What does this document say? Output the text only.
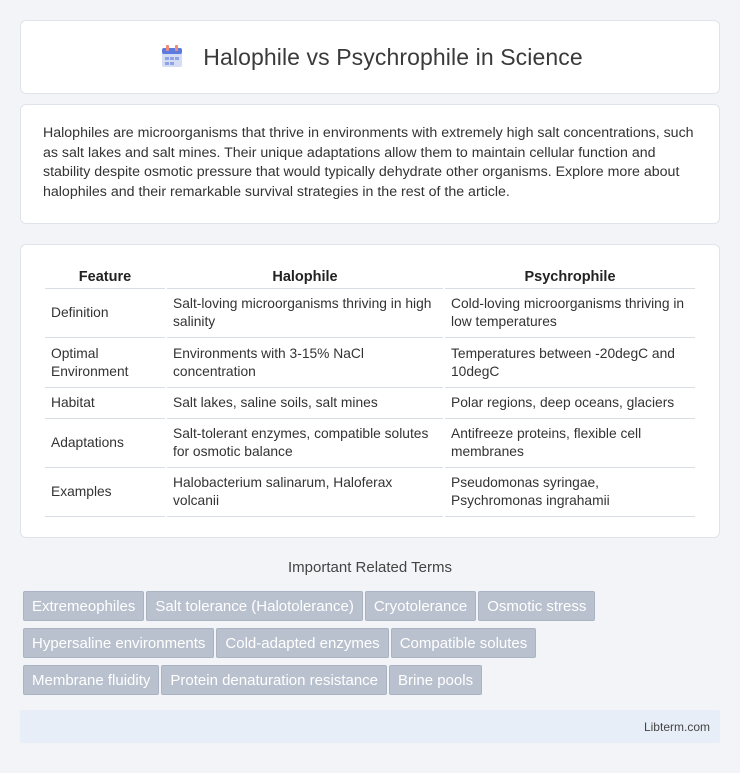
Halophile vs Psychrophile in Science

Halophiles are microorganisms that thrive in environments with extremely high salt concentrations, such as salt lakes and salt mines. Their unique adaptations allow them to maintain cellular function and stability despite osmotic pressure that would typically dehydrate other organisms. Explore more about halophiles and their remarkable survival strategies in the rest of the article.

Feature	Halophile	Psychrophile
Definition	Salt-loving microorganisms thriving in high salinity	Cold-loving microorganisms thriving in low temperatures
Optimal Environment	Environments with 3-15% NaCl concentration	Temperatures between -20degC and 10degC
Habitat	Salt lakes, saline soils, salt mines	Polar regions, deep oceans, glaciers
Adaptations	Salt-tolerant enzymes, compatible solutes for osmotic balance	Antifreeze proteins, flexible cell membranes
Examples	Halobacterium salinarum, Haloferax volcanii	Pseudomonas syringae, Psychromonas ingrahamii
Important Related Terms
Extremeophiles Salt tolerance (Halotolerance) Cryotolerance Osmotic stress
Hypersaline environments Cold-adapted enzymes Compatible solutes
Membrane fluidity Protein denaturation resistance Brine pools
Libterm.com
